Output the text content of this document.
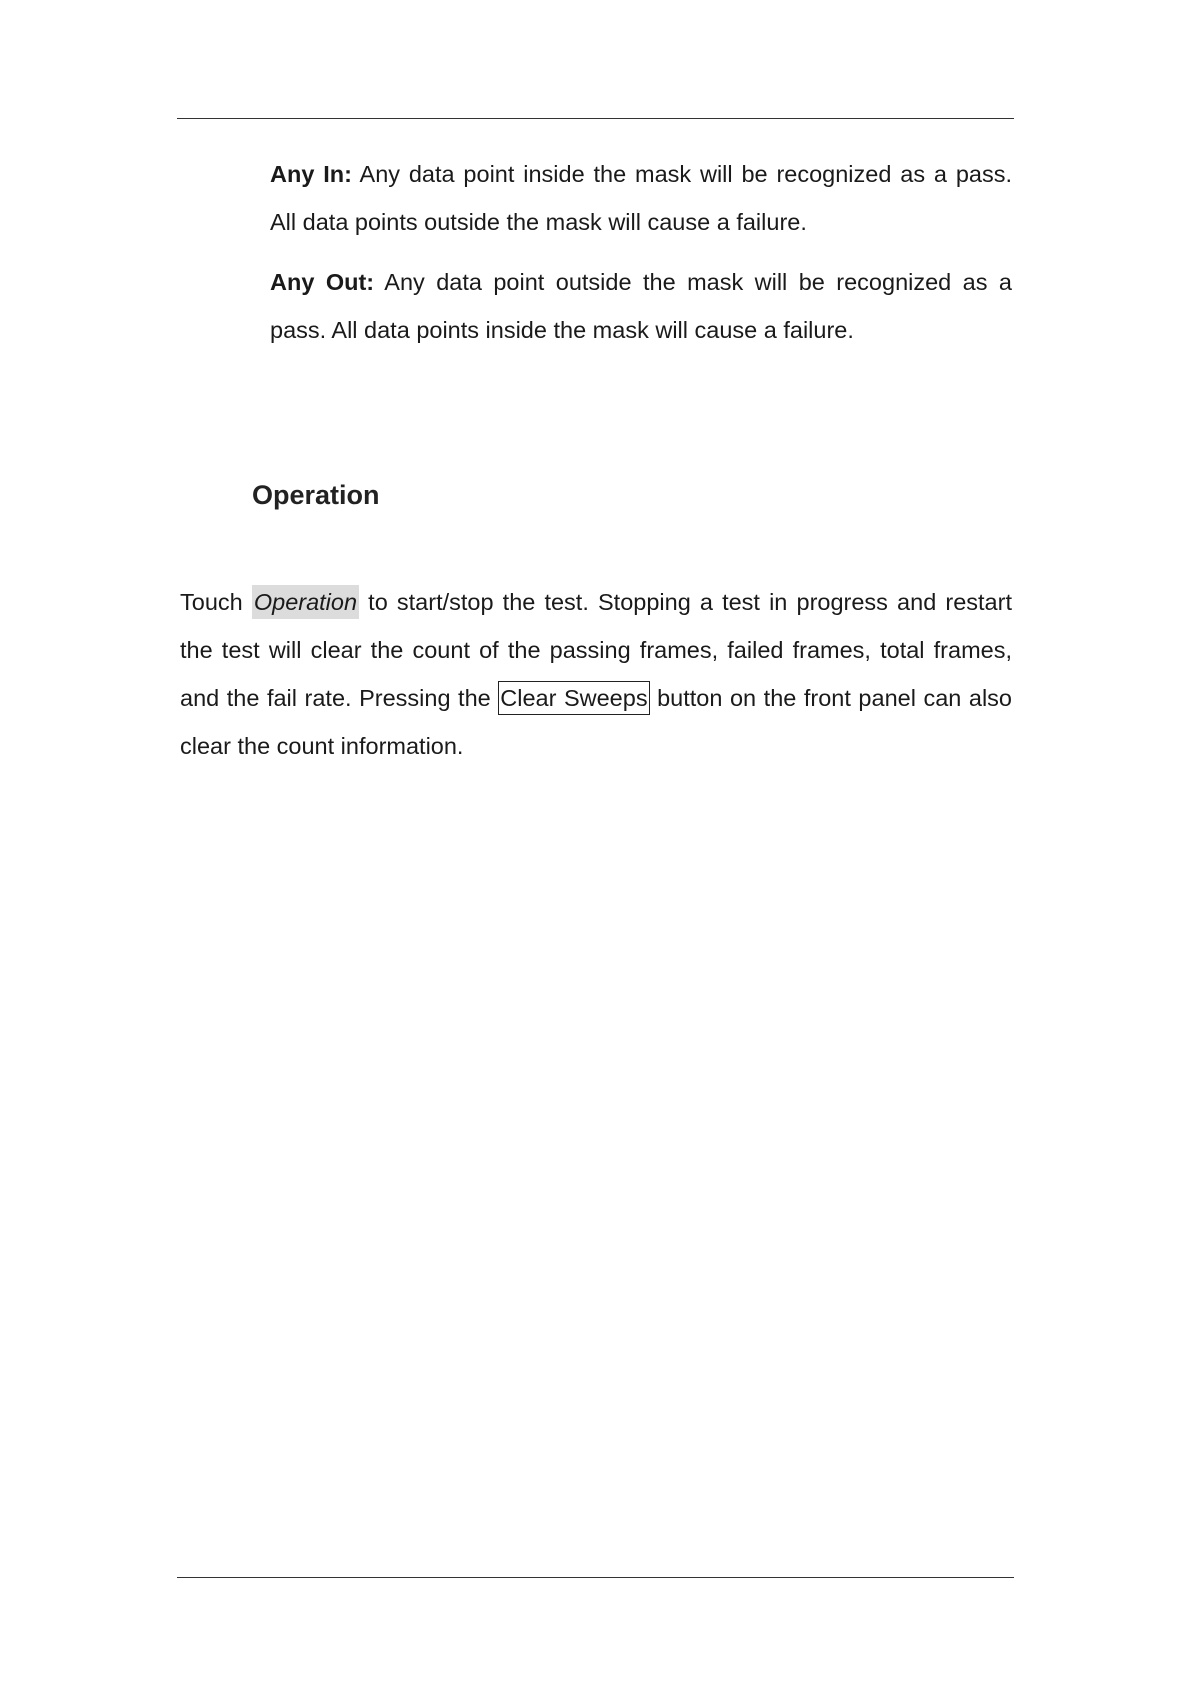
Any In: Any data point inside the mask will be recognized as a pass. All data points outside the mask will cause a failure.
Any Out: Any data point outside the mask will be recognized as a pass. All data points inside the mask will cause a failure.
Operation

Touch Operation to start/stop the test. Stopping a test in progress and restart the test will clear the count of the passing frames, failed frames, total frames, and the fail rate. Pressing the Clear Sweeps button on the front panel can also clear the count information.
